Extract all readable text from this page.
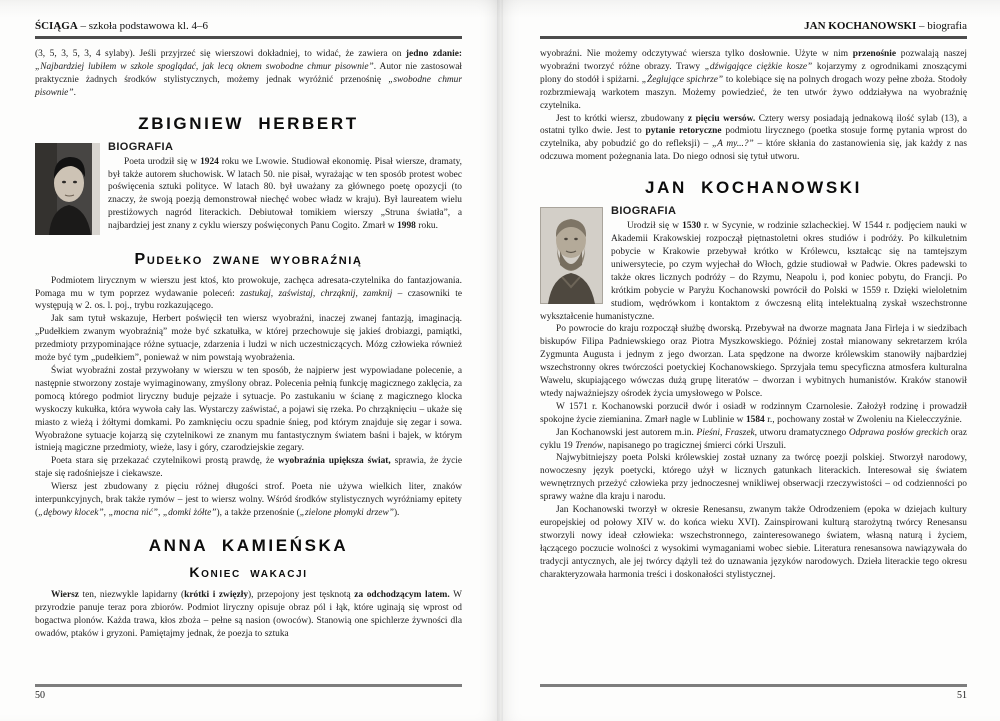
ŚCIĄGA – szkoła podstawowa kl. 4–6

(3, 5, 3, 5, 3, 4 sylaby). Jeśli przyjrzeć się wierszowi dokładniej, to widać, że zawiera on jedno zdanie: „Najbardziej lubiłem w szkole spoglądać, jak lecą oknem swobodne chmur pisownie”. Autor nie zastosował praktycznie żadnych środków stylistycznych, możemy jednak wyróżnić przenośnię „swobodne chmur pisownie”.

ZBIGNIEW HERBERT
BIOGRAFIA

Poeta urodził się w 1924 roku we Lwowie. Studiował ekonomię. Pisał wiersze, dramaty, był także autorem słuchowisk. W latach 50. nie pisał, wyrażając w ten sposób protest wobec poświęcenia sztuki polityce. W latach 80. był uważany za głównego poetę opozycji (to znaczy, że swoją poezją demonstrował niechęć wobec władz w kraju). Był laureatem wielu prestiżowych nagród literackich. Debiutował tomikiem wierszy „Struna światła”, a najbardziej jest znany z cyklu wierszy poświęconych Panu Cogito. Zmarł w 1998 roku.

Pudełko zwane wyobraźnią

Podmiotem lirycznym w wierszu jest ktoś, kto prowokuje, zachęca adresata-czytelnika do fantazjowania. Pomaga mu w tym poprzez wydawanie poleceń: zastukaj, zaświstaj, chrząknij, zamknij – czasowniki te występują w 2. os. l. poj., trybu rozkazującego.

Jak sam tytuł wskazuje, Herbert poświęcił ten wiersz wyobraźni, inaczej zwanej fantazją, imaginacją. „Pudełkiem zwanym wyobraźnią” może być szkatułka, w której przechowuje się jakieś drobiazgi, pamiątki, przedmioty przypominające różne sytuacje, zdarzenia i ludzi w nich uczestniczących. Mózg człowieka również może być tym „pudełkiem”, ponieważ w nim powstają wyobrażenia.

Świat wyobraźni został przywołany w wierszu w ten sposób, że najpierw jest wypowiadane polecenie, a następnie stworzony zostaje wyimaginowany, zmyślony obraz. Polecenia pełnią funkcję magicznego zaklęcia, za pomocą którego podmiot liryczny buduje pejzaże i sytuacje. Po zastukaniu w ścianę z magicznego klocka wyskoczy kukułka, która wywoła cały las. Wystarczy zaświstać, a pojawi się rzeka. Po chrząknięciu – ukaże się miasto z wieżą i żółtymi domkami. Po zamknięciu oczu spadnie śnieg, pod którym znajduje się zegar i sowa. Wyobrażone sytuacje kojarzą się czytelnikowi ze znanym mu fantastycznym światem baśni i bajek, w którym istnieją magiczne przedmioty, wieże, lasy i góry, czarodziejskie zegary.

Poeta stara się przekazać czytelnikowi prostą prawdę, że wyobraźnia upiększa świat, sprawia, że życie staje się radośniejsze i ciekawsze.

Wiersz jest zbudowany z pięciu różnej długości strof. Poeta nie używa wielkich liter, znaków interpunkcyjnych, brak także rymów – jest to wiersz wolny. Wśród środków stylistycznych wyróżniamy epitety („dębowy klocek”, „mocna nić”, „domki żółte”), a także przenośnie („zielone płomyki drzew”).

ANNA KAMIEŃSKA
Koniec wakacji

Wiersz ten, niezwykle lapidarny (krótki i zwięzły), przepojony jest tęsknotą za odchodzącym latem. W przyrodzie panuje teraz pora zbiorów. Podmiot liryczny opisuje obraz pól i łąk, które uginają się wprost od bogactwa plonów. Każda trawa, kłos zboża – pełne są nasion (owoców). Stanowią one spichlerze żywności dla owadów, ptaków i gryzoni. Pamiętajmy jednak, że poezja to sztuka

50
JAN KOCHANOWSKI – biografia

wyobraźni. Nie możemy odczytywać wiersza tylko dosłownie. Użyte w nim przenośnie pozwalają naszej wyobraźni tworzyć różne obrazy. Trawy „dźwigające ciężkie kosze” kojarzymy z ogrodnikami znoszącymi plony do stodół i spiżarni. „Żeglujące spichrze” to kolebiące się na polnych drogach wozy pełne zboża. Stodoły rozbrzmiewają warkotem maszyn. Możemy powiedzieć, że ten utwór żywo oddziaływa na wyobraźnię czytelnika.

Jest to krótki wiersz, zbudowany z pięciu wersów. Cztery wersy posiadają jednakową ilość sylab (13), a ostatni tylko dwie. Jest to pytanie retoryczne podmiotu lirycznego (poetka stosuje formę pytania wprost do czytelnika, aby pobudzić go do refleksji) – „A my...?” – które skłania do zastanowienia się, jak każdy z nas odczuwa moment pożegnania lata. Do niego odnosi się tytuł utworu.

JAN KOCHANOWSKI
BIOGRAFIA

Urodził się w 1530 r. w Sycynie, w rodzinie szlacheckiej. W 1544 r. podjęciem nauki w Akademii Krakowskiej rozpoczął piętnastoletni okres studiów i podróży. Po kilkuletnim pobycie w Krakowie przebywał krótko w Królewcu, kształcąc się na tamtejszym uniwersytecie, po czym wyjechał do Włoch, gdzie studiował w Padwie. Okres padewski to także okres licznych podróży – do Rzymu, Neapolu i, pod koniec pobytu, do Francji. Po krótkim pobycie w Paryżu Kochanowski powrócił do Polski w 1559 r. Dzięki wieloletnim studiom, wędrówkom i kontaktom z ówczesną elitą intelektualną zyskał wszechstronne wykształcenie humanistyczne.

Po powrocie do kraju rozpoczął służbę dworską. Przebywał na dworze magnata Jana Firleja i w siedzibach biskupów Filipa Padniewskiego oraz Piotra Myszkowskiego. Później został mianowany sekretarzem króla Zygmunta Augusta i jednym z jego dworzan. Lata spędzone na dworze królewskim stanowiły najbardziej wszechstronny okres twórczości poetyckiej Kochanowskiego. Sprzyjała temu specyficzna atmosfera kulturalna Wawelu, skupiającego wówczas dużą grupę literatów – dworzan i wybitnych humanistów. Kraków stanowił wtedy najważniejszy ośrodek życia umysłowego w Polsce.

W 1571 r. Kochanowski porzucił dwór i osiadł w rodzinnym Czarnolesie. Założył rodzinę i prowadził spokojne życie ziemianina. Zmarł nagle w Lublinie w 1584 r., pochowany został w Zwoleniu na Kielecczyźnie.

Jan Kochanowski jest autorem m.in. Pieśni, Fraszek, utworu dramatycznego Odprawa posłów greckich oraz cyklu 19 Trenów, napisanego po tragicznej śmierci córki Urszuli.

Najwybitniejszy poeta Polski królewskiej został uznany za twórcę poezji polskiej. Stworzył narodowy, nowoczesny język poetycki, którego użył w licznych gatunkach literackich. Interesował się światem wewnętrznych przeżyć człowieka przy jednoczesnej wnikliwej obserwacji rzeczywistości – od codzienności po sprawy ważne dla kraju i narodu.

Jan Kochanowski tworzył w okresie Renesansu, zwanym także Odrodzeniem (epoka w dziejach kultury europejskiej od połowy XIV w. do końca wieku XVI). Zainspirowani kulturą starożytną twórcy Renesansu stworzyli nowy ideał człowieka: wszechstronnego, zainteresowanego światem, własną naturą i życiem, łączącego poczucie wolności z wysokimi wymaganiami wobec siebie. Literatura renesansowa nawiązywała do tradycji antycznych, ale jej twórcy dążyli też do uznawania języków narodowych. Dzieła literackie tego okresu charakteryzowała harmonia treści i doskonałości stylistycznej.

51
